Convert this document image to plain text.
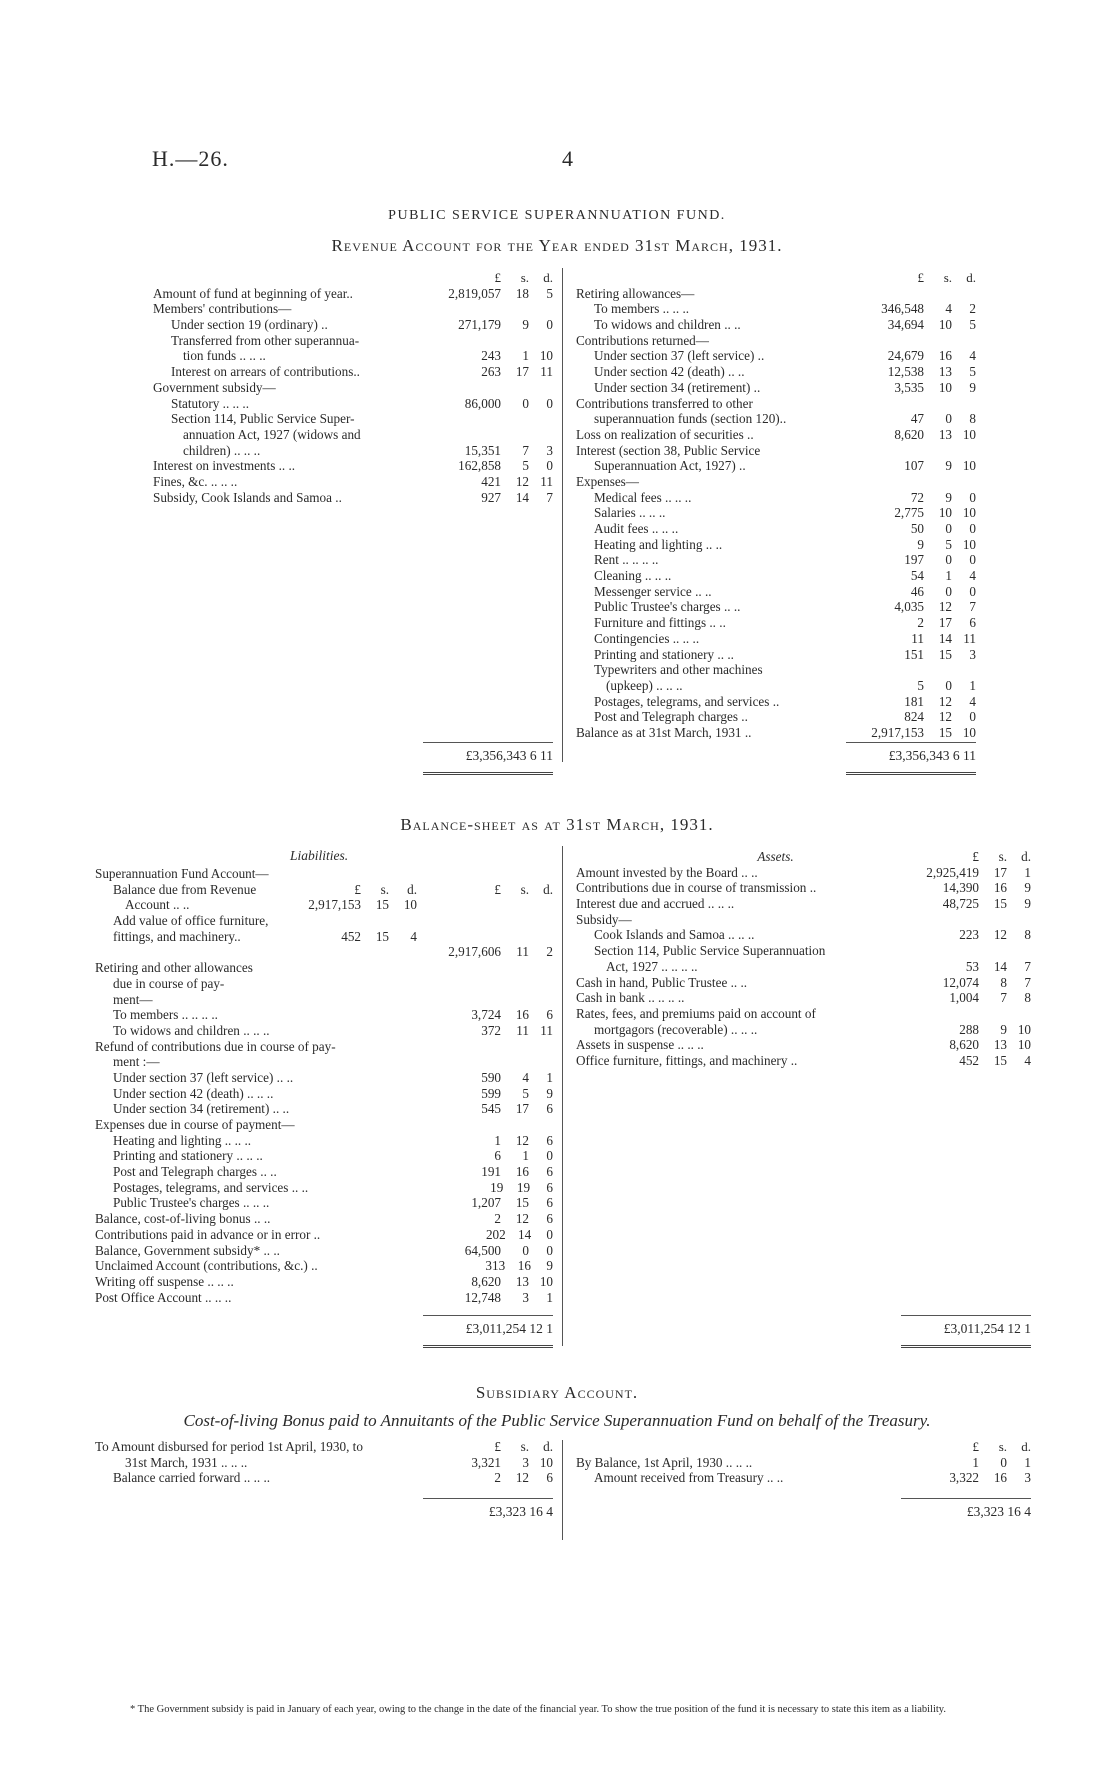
H.—26.	4
PUBLIC SERVICE SUPERANNUATION FUND.
Revenue Account for the Year ended 31st March, 1931.
£	s.	d.
Amount of fund at beginning of year..	2,819,057	18	5
Members' contributions—
Under section 19 (ordinary) ..	271,179	9	0
Transferred from other superannua-
tion funds .. .. ..	243	1 10
Interest on arrears of contributions..	263	17 11
Government subsidy—
Statutory .. .. ..	86,000	0	0
Section 114, Public Service Super-
annuation Act, 1927 (widows and
children) .. .. ..	15,351	7	3
Interest on investments .. ..	162,858	5	0
Fines, &c. .. .. ..	421	12 11
Subsidy, Cook Islands and Samoa ..	927	14	7
£	s.	d.
Retiring allowances—
To members .. .. ..	346,548	4	2
To widows and children .. ..	34,694	10	5
Contributions returned—
Under section 37 (left service) ..	24,679	16	4
Under section 42 (death) .. ..	12,538	13	5
Under section 34 (retirement) ..	3,535	10	9
Contributions transferred to other
superannuation funds (section 120)..	47	0	8
Loss on realization of securities ..	8,620	13 10
Interest (section 38, Public Service
Superannuation Act, 1927) ..	107	9 10
Expenses—
Medical fees .. .. ..	72	9	0
Salaries .. .. ..	2,775	10 10
Audit fees .. .. ..	50	0	0
Heating and lighting .. ..	9	5 10
Rent .. .. .. ..	197	0	0
Cleaning .. .. ..	54	1	4
Messenger service .. ..	46	0	0
Public Trustee's charges .. ..	4,035	12	7
Furniture and fittings .. ..	2	17	6
Contingencies .. .. ..	11	14 11
Printing and stationery .. ..	151	15	3
Typewriters and other machines
(upkeep) .. .. ..	5	0	1
Postages, telegrams, and services ..	181	12	4
Post and Telegraph charges ..	824	12	0
Balance as at 31st March, 1931 ..	2,917,153	15 10
£3,356,343 6 11	£3,356,343 6 11
Balance-sheet as at 31st March, 1931.
Liabilities.
Superannuation Fund Account—
Balance due from Revenue	£	s.	d.	£	s.	d.
Account .. ..	2,917,153	15	10
Add value of office furniture,
fittings, and machinery..	452	15	4
2,917,606	11	2
Retiring and other allowances
due in course of pay-
ment—
To members .. .. .. ..	3,724	16	6
To widows and children .. .. ..	372	11 11
Refund of contributions due in course of pay-
ment :—
Under section 37 (left service) .. ..	590	4	1
Under section 42 (death) .. .. ..	599	5	9
Under section 34 (retirement) .. ..	545	17	6
Expenses due in course of payment—
Heating and lighting .. .. ..	1	12	6
Printing and stationery .. .. ..	6	1	0
Post and Telegraph charges .. ..	191	16	6
Postages, telegrams, and services .. ..	19	19	6
Public Trustee's charges .. .. ..	1,207	15	6
Balance, cost-of-living bonus .. ..	2	12	6
Contributions paid in advance or in error ..	202 14	0
Balance, Government subsidy* .. ..	64,500	0	0
Unclaimed Account (contributions, &c.) ..	313 16	9
Writing off suspense .. .. ..	8,620	13 10
Post Office Account .. .. ..	12,748	3	1
Assets.	£	s.	d.
Amount invested by the Board .. ..	2,925,419	17	1
Contributions due in course of transmission ..	14,390	16	9
Interest due and accrued .. .. ..	48,725	15	9
Subsidy—
Cook Islands and Samoa .. .. ..	223	12	8
Section 114, Public Service Superannuation
Act, 1927 .. .. .. ..	53	14	7
Cash in hand, Public Trustee .. ..	12,074	8	7
Cash in bank .. .. .. ..	1,004	7	8
Rates, fees, and premiums paid on account of
mortgagors (recoverable) .. .. ..	288	9 10
Assets in suspense .. .. ..	8,620	13 10
Office furniture, fittings, and machinery ..	452	15	4
£3,011,254 12 1	£3,011,254 12 1
Subsidiary Account.
Cost-of-living Bonus paid to Annuitants of the Public Service Superannuation Fund on behalf of the Treasury.
To Amount disbursed for period 1st April, 1930, to	£	s.	d.
31st March, 1931 .. .. ..	3,321	3 10
Balance carried forward .. .. ..	2	12	6
£	s.	d.
By Balance, 1st April, 1930 .. .. ..	1	0	1
Amount received from Treasury .. ..	3,322	16	3
£3,323 16 4	£3,323 16 4
* The Government subsidy is paid in January of each year, owing to the change in the date of the financial year. To show the true position of the fund it is necessary to state this item as a liability.
